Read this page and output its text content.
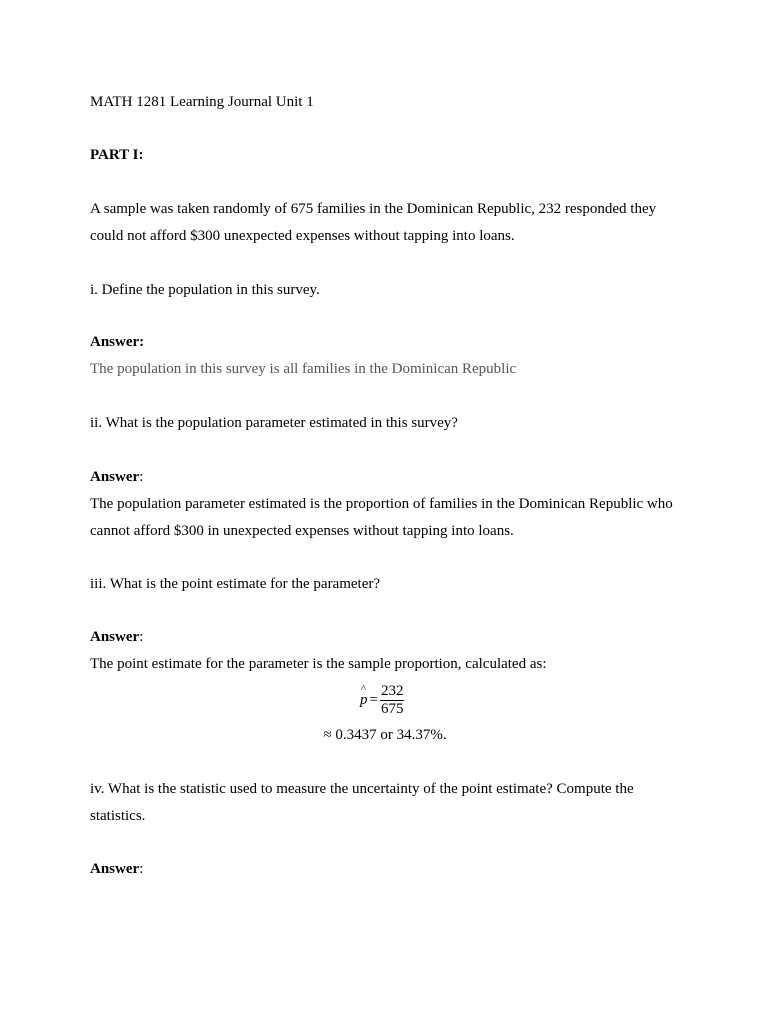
MATH 1281 Learning Journal Unit 1

PART I:

A sample was taken randomly of 675 families in the Dominican Republic, 232 responded they

could not afford $300 unexpected expenses without tapping into loans.

i. Define the population in this survey.

Answer:

The population in this survey is all families in the Dominican Republic

ii. What is the population parameter estimated in this survey?

Answer:

The population parameter estimated is the proportion of families in the Dominican Republic who

cannot afford $300 in unexpected expenses without tapping into loans.

iii. What is the point estimate for the parameter?

Answer:

The point estimate for the parameter is the sample proportion, calculated as:

^
$p = \frac{232}{675}$

≈ 0.3437 or 34.37%.

iv. What is the statistic used to measure the uncertainty of the point estimate? Compute the

statistics.

Answer:
